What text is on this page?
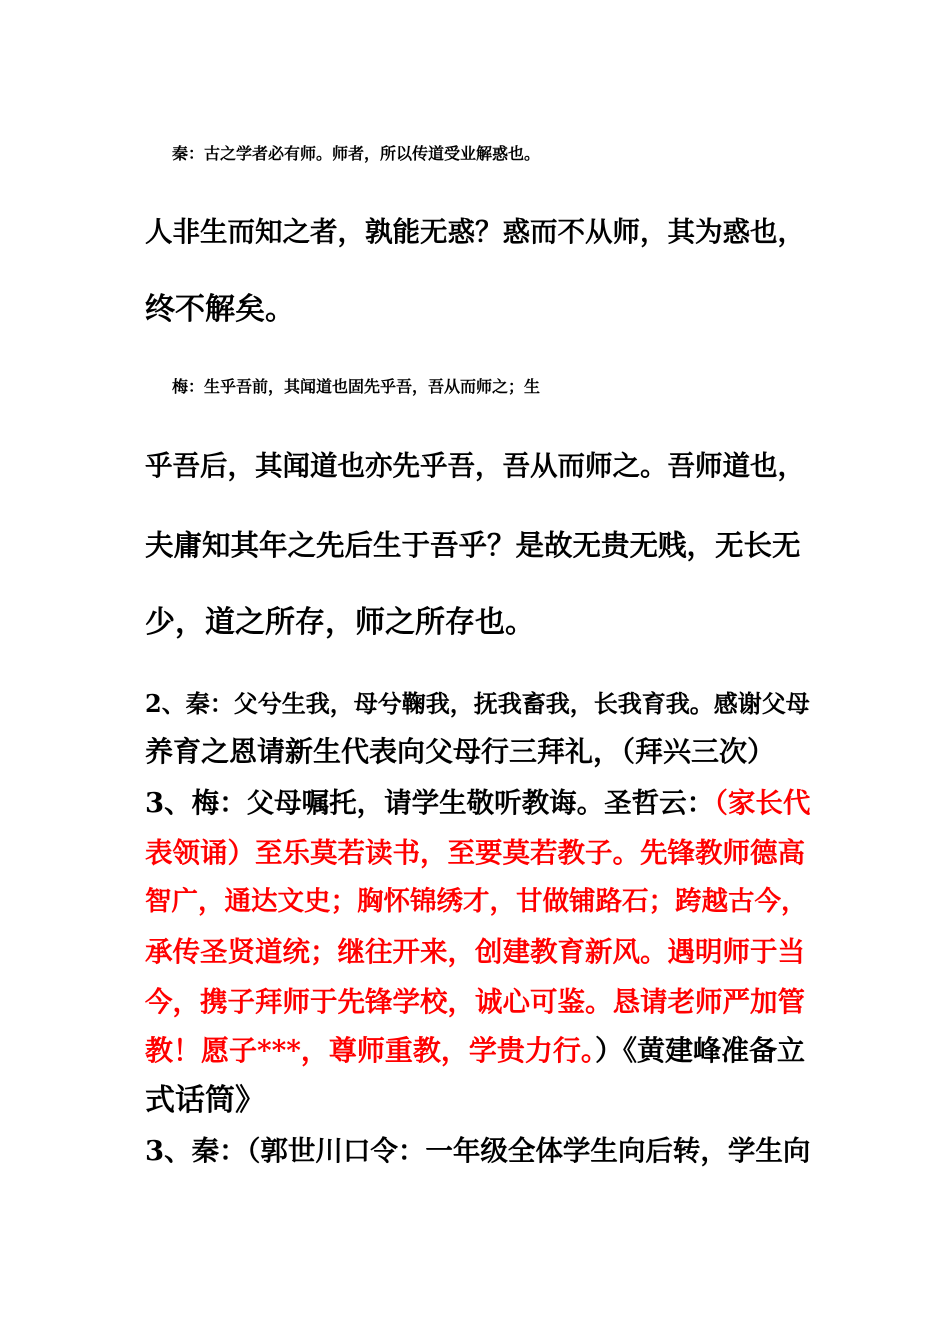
秦：古之学者必有师。师者，所以传道受业解惑也。
人非生而知之者，孰能无惑？惑而不从师，其为惑也，
终不解矣。
梅：生乎吾前，其闻道也固先乎吾，吾从而师之；生
乎吾后，其闻道也亦先乎吾，吾从而师之。吾师道也，
夫庸知其年之先后生于吾乎？是故无贵无贱，无长无
少，道之所存，师之所存也。
2、秦：父兮生我，母兮鞠我，抚我畜我，长我育我。感谢父母
养育之恩请新生代表向父母行三拜礼，（拜兴三次）
3、梅：父母嘱托，请学生敬听教诲。圣哲云：（家长代
表领诵）至乐莫若读书，至要莫若教子。先锋教师德高
智广，通达文史；胸怀锦绣才，甘做铺路石；跨越古今，
承传圣贤道统；继往开来，创建教育新风。遇明师于当
今，携子拜师于先锋学校，诚心可鉴。恳请老师严加管
教！愿子***，尊师重教，学贵力行。）《黄建峰准备立
式话筒》
3、秦：（郭世川口令：一年级全体学生向后转，学生向
